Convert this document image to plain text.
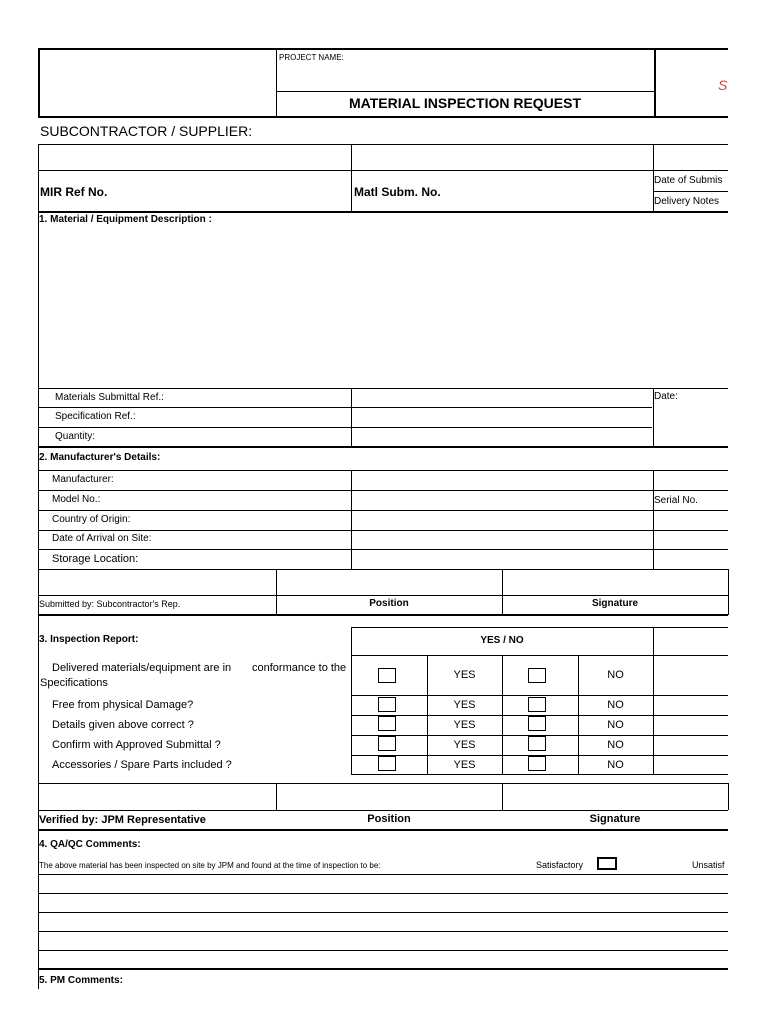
PROJECT NAME:
MATERIAL INSPECTION REQUEST
S
SUBCONTRACTOR / SUPPLIER:
MIR Ref No.	Matl Subm. No.
Date of Submis
Delivery Notes
1. Material / Equipment Description :
Materials Submittal Ref.:
Specification Ref.:
Quantity:
Date:
2. Manufacturer's Details:
Manufacturer:
Model No.:
Country of Origin:
Date of Arrival on Site:
Storage Location:
Serial No.
Submitted by: Subcontractor's Rep.	Position	Signature
3. Inspection Report:	YES / NO
Delivered materials/equipment are in conformance to the
Specifications
YES	NO
Free from physical Damage?	YES	NO
Details given above correct ?	YES	NO
Confirm with Approved Submittal ?	YES	NO
Accessories / Spare Parts included ?	YES	NO
Verified by: JPM Representative	Position	Signature
4. QA/QC Comments:
The above material has been inspected on site by JPM and found at the time of inspection to be:	Satisfactory	Unsatisf
5. PM Comments:
